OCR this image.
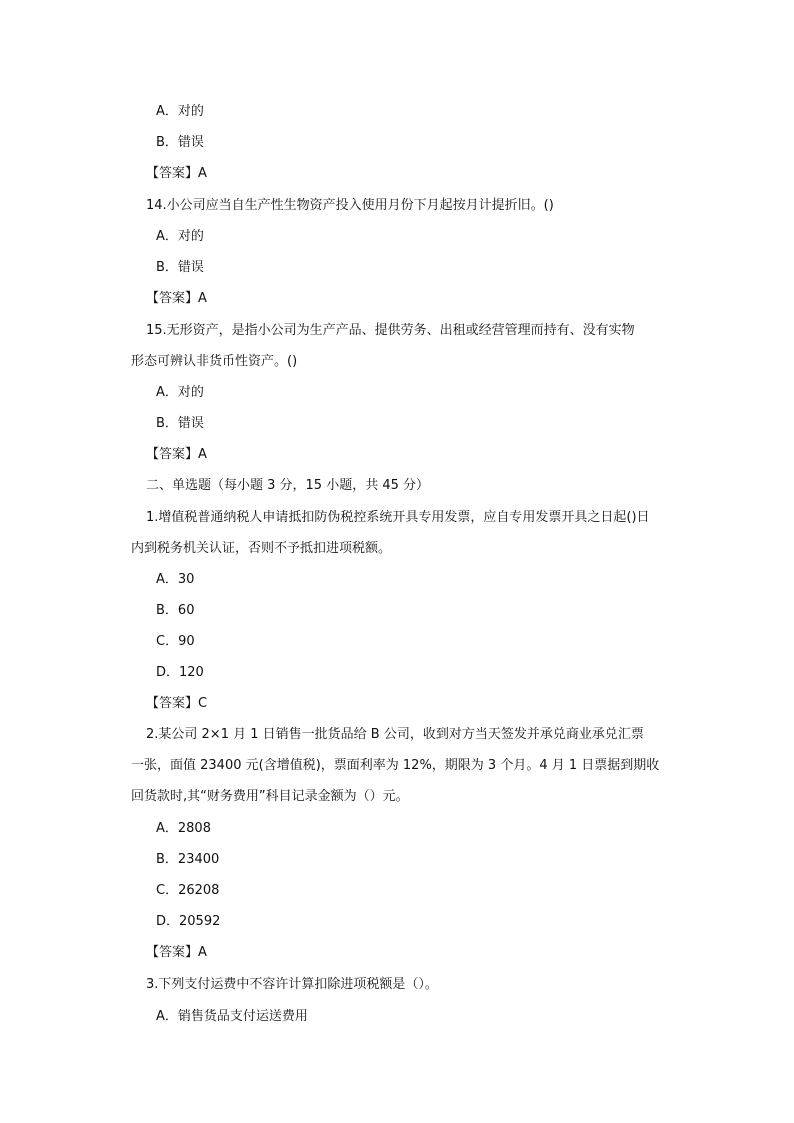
A．对的
B．错误
【答案】A
14.小公司应当自生产性生物资产投入使用月份下月起按月计提折旧。()
A．对的
B．错误
【答案】A
15.无形资产，是指小公司为生产产品、提供劳务、出租或经营管理而持有、没有实物
形态可辨认非货币性资产。()
A．对的
B．错误
【答案】A
二、单选题（每小题 3 分，15 小题，共 45 分）
1.增值税普通纳税人申请抵扣防伪税控系统开具专用发票，应自专用发票开具之日起()日
内到税务机关认证，否则不予抵扣进项税额。
A．30
B．60
C．90
D．120
【答案】C
2.某公司 2×1 月 1 日销售一批货品给 B 公司，收到对方当天签发并承兑商业承兑汇票
一张，面值 23400 元(含增值税)，票面利率为 12%，期限为 3 个月。4 月 1 日票据到期收
回货款时,其“财务费用”科目记录金额为（）元。
A．2808
B．23400
C．26208
D．20592
【答案】A
3.下列支付运费中不容许计算扣除进项税额是（）。
A．销售货品支付运送费用
